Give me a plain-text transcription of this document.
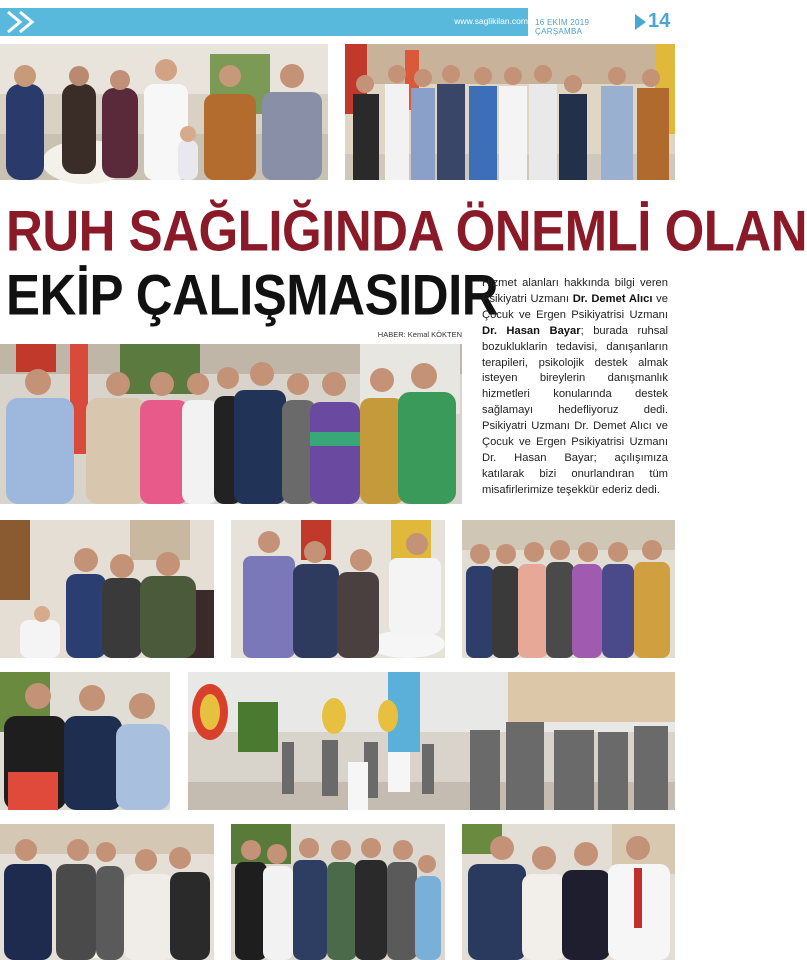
www.saglikilan.com 16 EKİM 2019 ÇARŞAMBA	14
RUH SAĞLIĞINDA ÖNEMLİ OLAN
EKİP ÇALIŞMASIDIR
HABER: Kemal KÖKTEN
Hizmet alanları hakkında bilgi veren Psikiyatri Uzmanı Dr. Demet Alıcı ve Çocuk ve Ergen Psikiyatrisi Uzmanı Dr. Hasan Bayar; burada ruhsal bozukluklarin tedavisi, danışanların terapileri, psikolojik destek almak isteyen bireylerin danışmanlık hizmetleri konularında destek sağlamayı hedefliyoruz dedi. Psikiyatri Uzmanı Dr. Demet Alıcı ve Çocuk ve Ergen Psikiyatrisi Uzmanı Dr. Hasan Bayar; açılışımıza katılarak bizi onurlandıran tüm misafirlerimize teşekkür ederiz dedi.
